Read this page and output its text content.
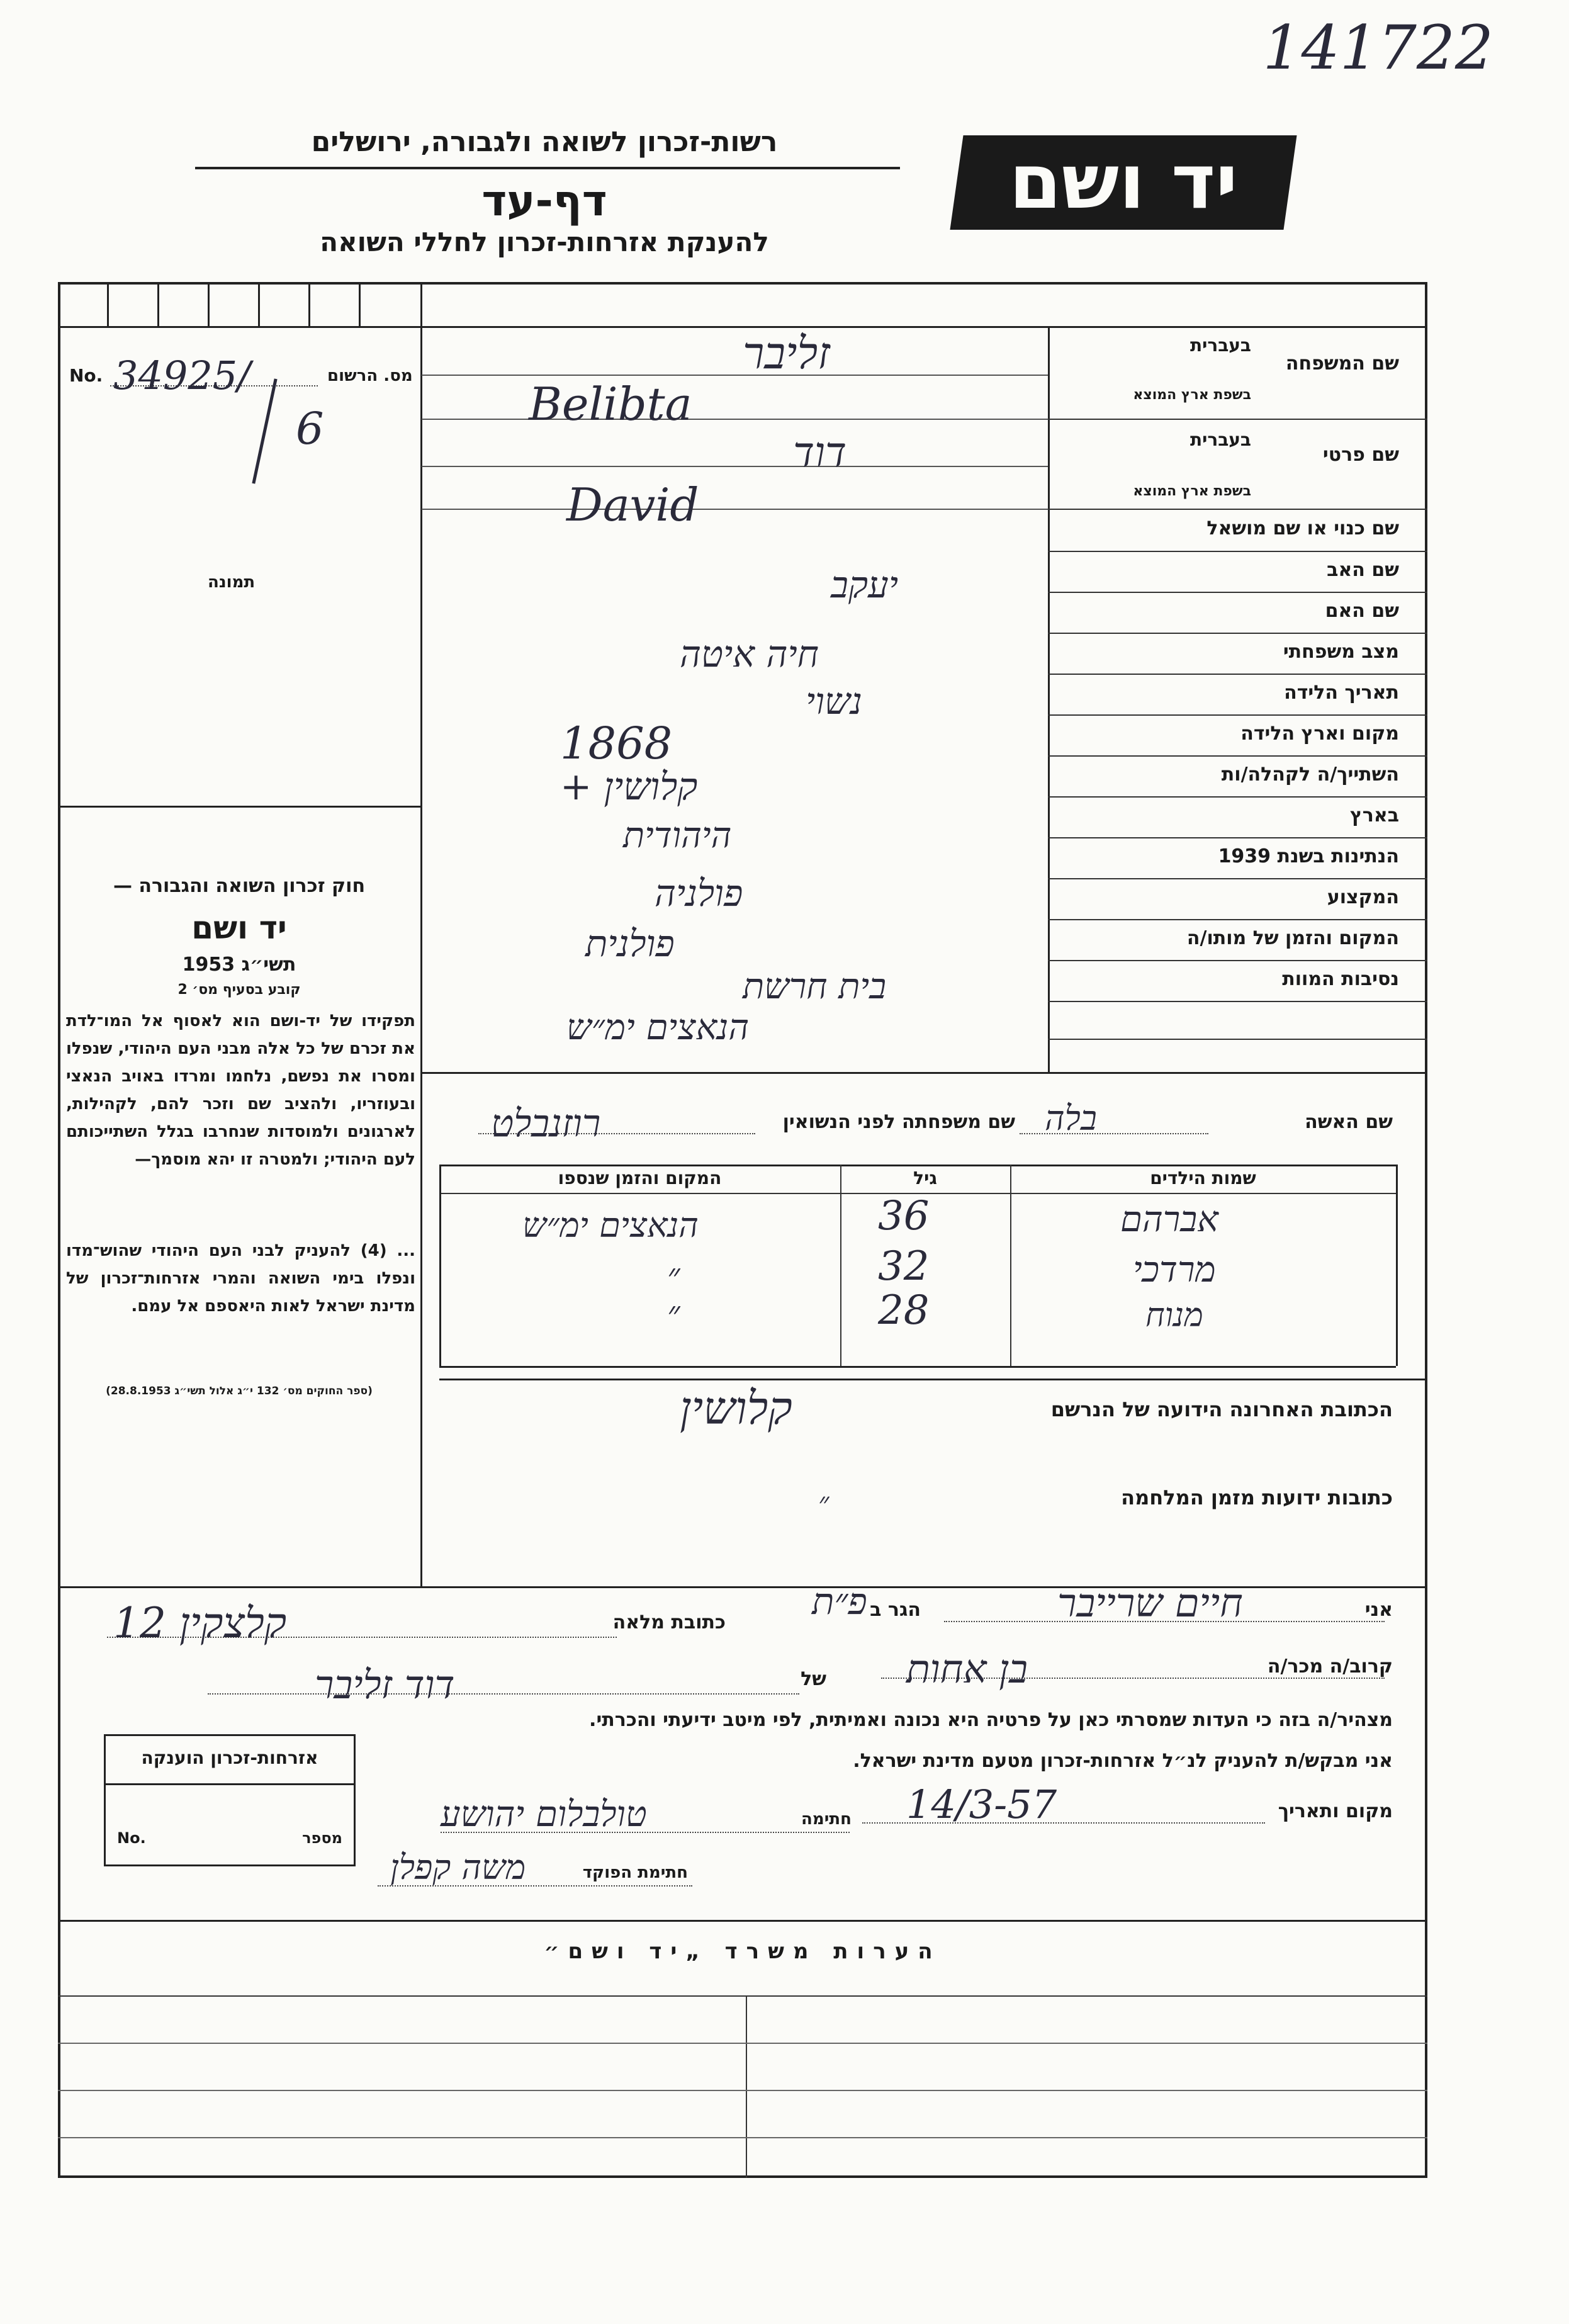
141722
רשות-זכרון לשואה ולגבורה, ירושלים
דף-עד
להענקת אזרחות-זכרון לחללי השואה
יד ושם
No.	מס. הרשום
34925/
6
תמונה
שם המשפחה
בעברית
בשפת ארץ המוצא
שם פרטי
בעברית
בשפת ארץ המוצא
שם כנוי או שם מושאל
שם האב
שם האם
מצב משפחתי
תאריך הלידה
מקום וארץ הלידה
השתייך/ה לקהלה/ות
בארץ
הנתינות בשנת 1939
המקצוע
המקום והזמן של מותו/ה
נסיבות המוות
זליבר
Belibta
דוד
David
יעקב
חיה איטה
נשוי
1868
קלושין +
היהודית
פולניה
פולנית
בית חרשת
הנאצים ימ״ש
חוק זכרון השואה והגבורה —
יד ושם
תשי״ג 1953
קובע בסעיף מס׳ 2
תפקידו של יד-ושם הוא לאסוף אל המו־לדת את זכרם של כל אלה מבני העם היהודי, שנפלו ומסרו את נפשם, נלחמו ומרדו באויב הנאצי ובעוזריו, ולהציב שם וזכר להם, לקהילות, לארגונים ולמוסדות שנחרבו בגלל השתייכותם לעם היהודי; ולמטרה זו יהא מוסמך—
... (4) להעניק לבני העם היהודי שהוש־מדו ונפלו בימי השואה והמרי אזרחות־זכרון של מדינת ישראל לאות היאספם אל עמם.
(ספר החוקים מס׳ 132 י״ג אלול תשי״ג 28.8.1953)
שם האשה
שם משפחתה לפני הנשואין בלה
רוזנבלט
שמות הילדים
גיל
המקום והזמן שנספו
אברהם
36
הנאצים ימ״ש
מרדכי
32
״
מנוח
28
״
הכתובת האחרונה הידועה של הנרשם
קלושין
כתובות ידועות מזמן המלחמה
״
אני
חיים שרייבר
הגר ב
פ״ת
כתובת מלאה
קלצקין 12
קרוב/ה מכר/ה
בן אחות
של
דוד זליבר
מצהיר/ה בזה כי העדות שמסרתי כאן על פרטיה היא נכונה ואמיתית, לפי מיטב ידיעתי והכרתי.
אני מבקש/ת להעניק לנ״ל אזרחות-זכרון מטעם מדינת ישראל.
מקום ותאריך
14/3-57
חתימה
טולבלום יהושע
חתימת הפוקד
משה קפלן
אזרחות-זכרון הוענקה
מספר
No.
הערות משרד „יד ושם״
